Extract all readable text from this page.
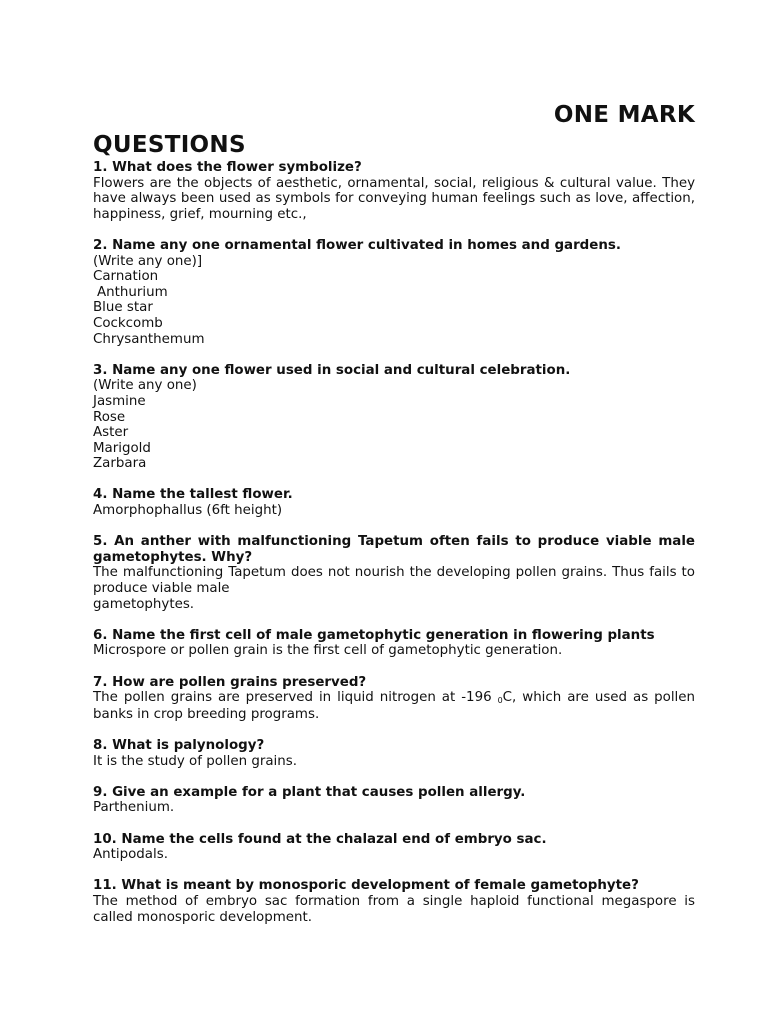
ONE MARK
QUESTIONS
1. What does the flower symbolize?
Flowers are the objects of aesthetic, ornamental, social, religious & cultural value. They have always been used as symbols for conveying human feelings such as love, affection, happiness, grief, mourning etc.,
2. Name any one ornamental flower cultivated in homes and gardens.
(Write any one)]
Carnation
Anthurium
Blue star
Cockcomb
Chrysanthemum
3. Name any one flower used in social and cultural celebration.
(Write any one)
Jasmine
Rose
Aster
Marigold
Zarbara
4. Name the tallest flower.
Amorphophallus (6ft height)
5. An anther with malfunctioning Tapetum often fails to produce viable male gametophytes. Why?
The malfunctioning Tapetum does not nourish the developing pollen grains. Thus fails to produce viable male
gametophytes.
6. Name the first cell of male gametophytic generation in flowering plants
Microspore or pollen grain is the first cell of gametophytic generation.
7. How are pollen grains preserved?
The pollen grains are preserved in liquid nitrogen at -196 0C, which are used as pollen banks in crop breeding programs.
8. What is palynology?
It is the study of pollen grains.
9. Give an example for a plant that causes pollen allergy.
Parthenium.
10. Name the cells found at the chalazal end of embryo sac.
Antipodals.
11. What is meant by monosporic development of female gametophyte?
The method of embryo sac formation from a single haploid functional megaspore is called monosporic development.
